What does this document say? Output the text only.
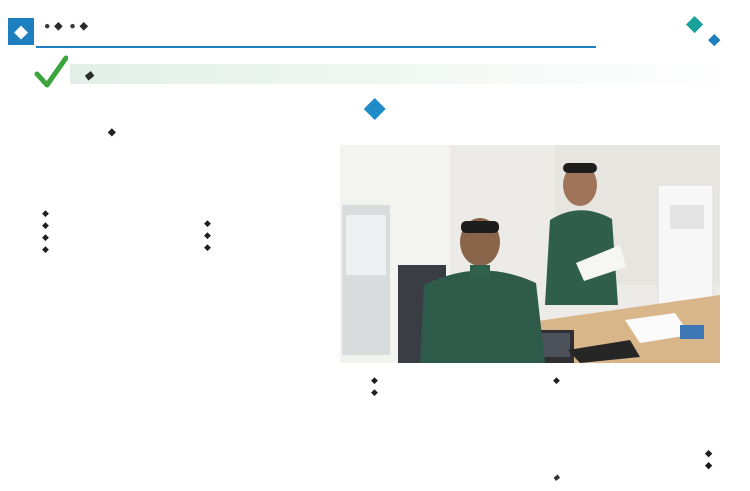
◆	● ◆ ● ◆	◆
◆
◆
◆
◆

◆

◆

◆

◆

◆

◆

◆

◆

◆

◆

◆
◆
◆
